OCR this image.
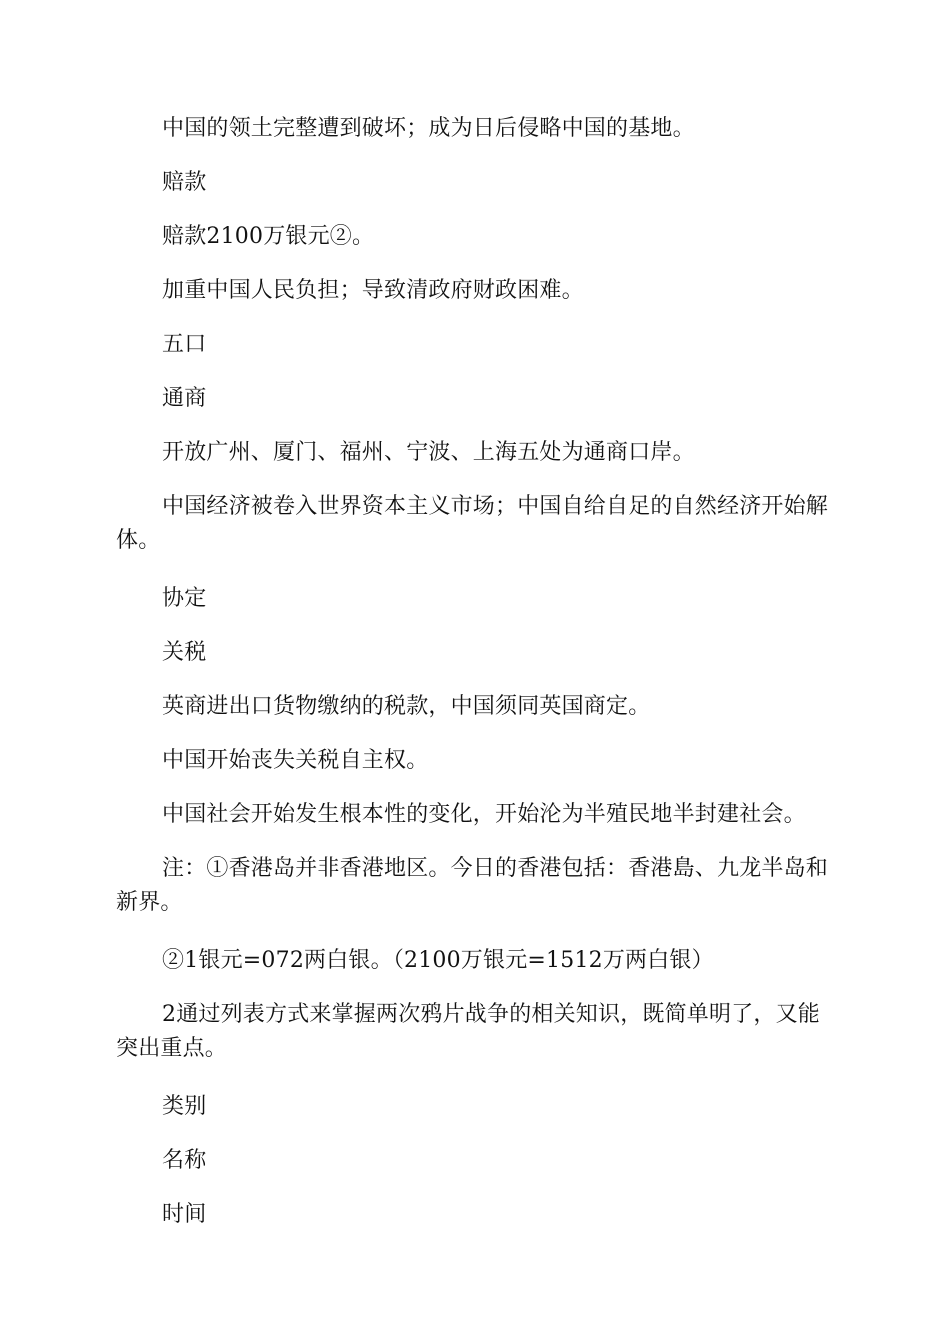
中国的领土完整遭到破坏；成为日后侵略中国的基地。

赔款

赔款2100万银元②。

加重中国人民负担；导致清政府财政困难。

五口

通商

开放广州、厦门、福州、宁波、上海五处为通商口岸。

中国经济被卷入世界资本主义市场；中国自给自足的自然经济开始解体。

协定

关税

英商进出口货物缴纳的税款，中国须同英国商定。

中国开始丧失关税自主权。

中国社会开始发生根本性的变化，开始沦为半殖民地半封建社会。

注：①香港岛并非香港地区。今日的香港包括：香港島、九龙半岛和新界。

②1银元=072两白银。（2100万银元=1512万两白银）

2通过列表方式来掌握两次鸦片战争的相关知识，既简单明了，又能突出重点。

类别

名称

时间
